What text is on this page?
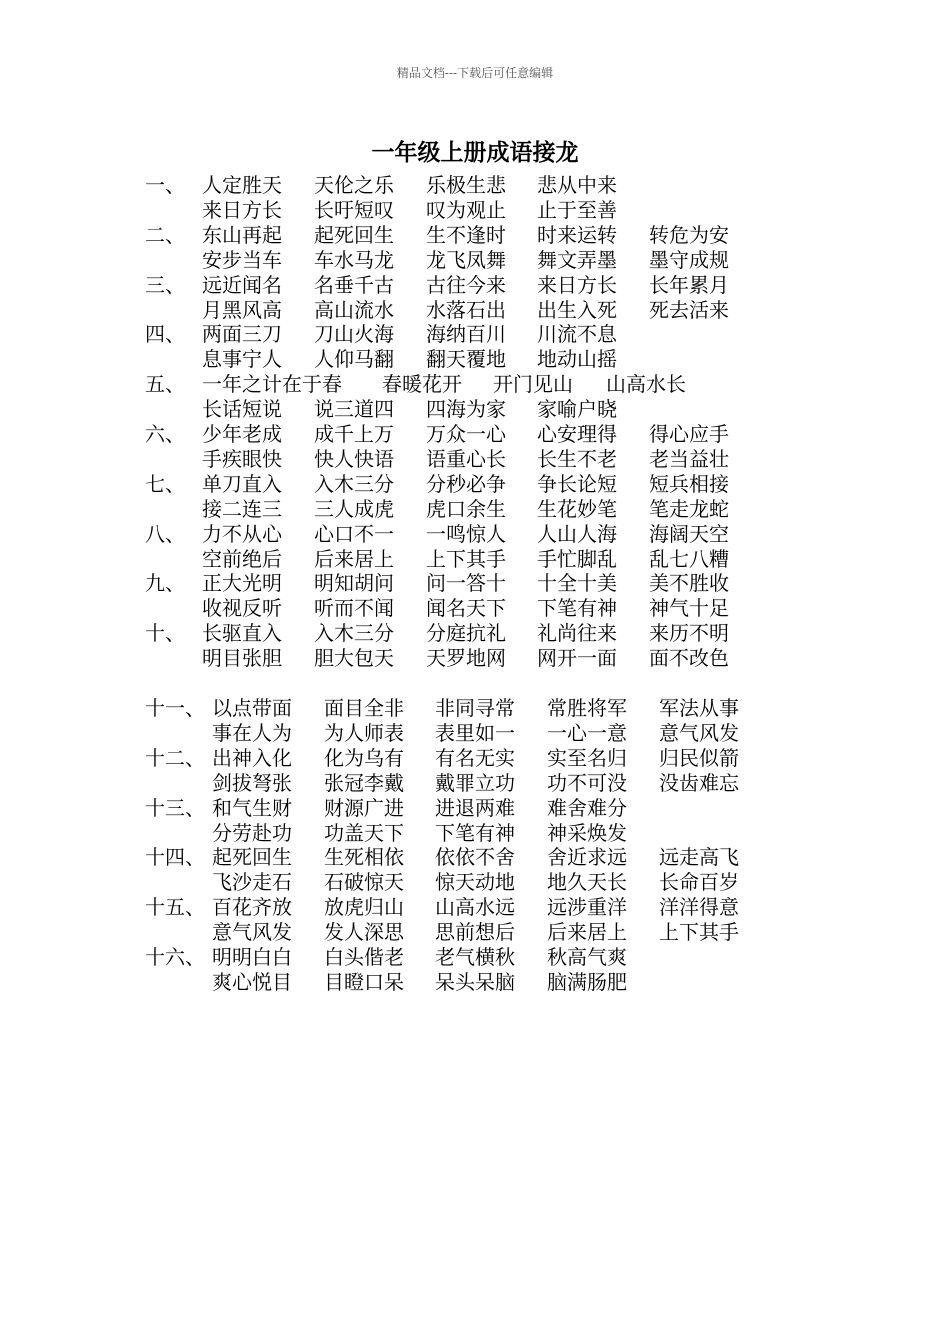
精品文档---下载后可任意编辑
一年级上册成语接龙
一、 人定胜天 天伦之乐 乐极生悲 悲从中来
来日方长 长吁短叹 叹为观止 止于至善
二、 东山再起 起死回生 生不逢时 时来运转 转危为安
安步当车 车水马龙 龙飞凤舞 舞文弄墨 墨守成规
三、 远近闻名 名垂千古 古往今来 来日方长 长年累月
月黑风高 高山流水 水落石出 出生入死 死去活来
四、 两面三刀 刀山火海 海纳百川 川流不息
息事宁人 人仰马翻 翻天覆地 地动山摇
五、 一年之计在于春 春暖花开 开门见山 山高水长
长话短说 说三道四 四海为家 家喻户晓
六、 少年老成 成千上万 万众一心 心安理得 得心应手
手疾眼快 快人快语 语重心长 长生不老 老当益壮
七、 单刀直入 入木三分 分秒必争 争长论短 短兵相接
接二连三 三人成虎 虎口余生 生花妙笔 笔走龙蛇
八、 力不从心 心口不一 一鸣惊人 人山人海 海阔天空
空前绝后 后来居上 上下其手 手忙脚乱 乱七八糟
九、 正大光明 明知胡问 问一答十 十全十美 美不胜收
收视反听 听而不闻 闻名天下 下笔有神 神气十足
十、 长驱直入 入木三分 分庭抗礼 礼尚往来 来历不明
明目张胆 胆大包天 天罗地网 网开一面 面不改色
十一、 以点带面 面目全非 非同寻常 常胜将军 军法从事
事在人为 为人师表 表里如一 一心一意 意气风发
十二、 出神入化 化为乌有 有名无实 实至名归 归民似箭
剑拔弩张 张冠李戴 戴罪立功 功不可没 没齿难忘
十三、 和气生财 财源广进 进退两难 难舍难分
分劳赴功 功盖天下 下笔有神 神采焕发
十四、 起死回生 生死相依 依依不舍 舍近求远 远走高飞
飞沙走石 石破惊天 惊天动地 地久天长 长命百岁
十五、 百花齐放 放虎归山 山高水远 远涉重洋 洋洋得意
意气风发 发人深思 思前想后 后来居上 上下其手
十六、 明明白白 白头偕老 老气横秋 秋高气爽
爽心悦目 目瞪口呆 呆头呆脑 脑满肠肥
